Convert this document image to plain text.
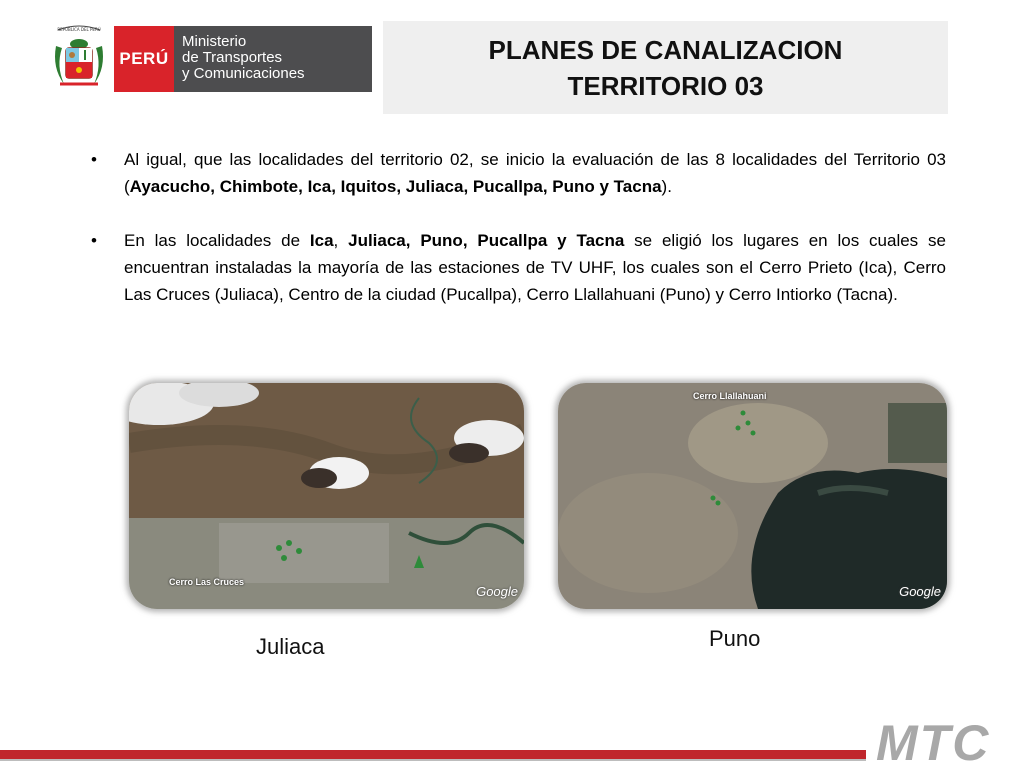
REPÚBLICA DEL PERÚ
PERÚ
Ministerio
de Transportes
y Comunicaciones
PLANES DE CANALIZACION
TERRITORIO 03
• Al igual, que las localidades del territorio 02, se inicio la evaluación de las 8 localidades del Territorio 03 (Ayacucho, Chimbote, Ica, Iquitos, Juliaca, Pucallpa, Puno y Tacna).
• En las localidades de Ica, Juliaca, Puno, Pucallpa y Tacna se eligió los lugares en los cuales se encuentran instaladas la mayoría de las estaciones de TV UHF, los cuales son el Cerro Prieto (Ica), Cerro Las Cruces (Juliaca), Centro de la ciudad (Pucallpa), Cerro Llallahuani (Puno) y Cerro Intiorko (Tacna).
Cerro Las Cruces
Google
Cerro Llallahuani
Google
Juliaca	Puno
MTC
